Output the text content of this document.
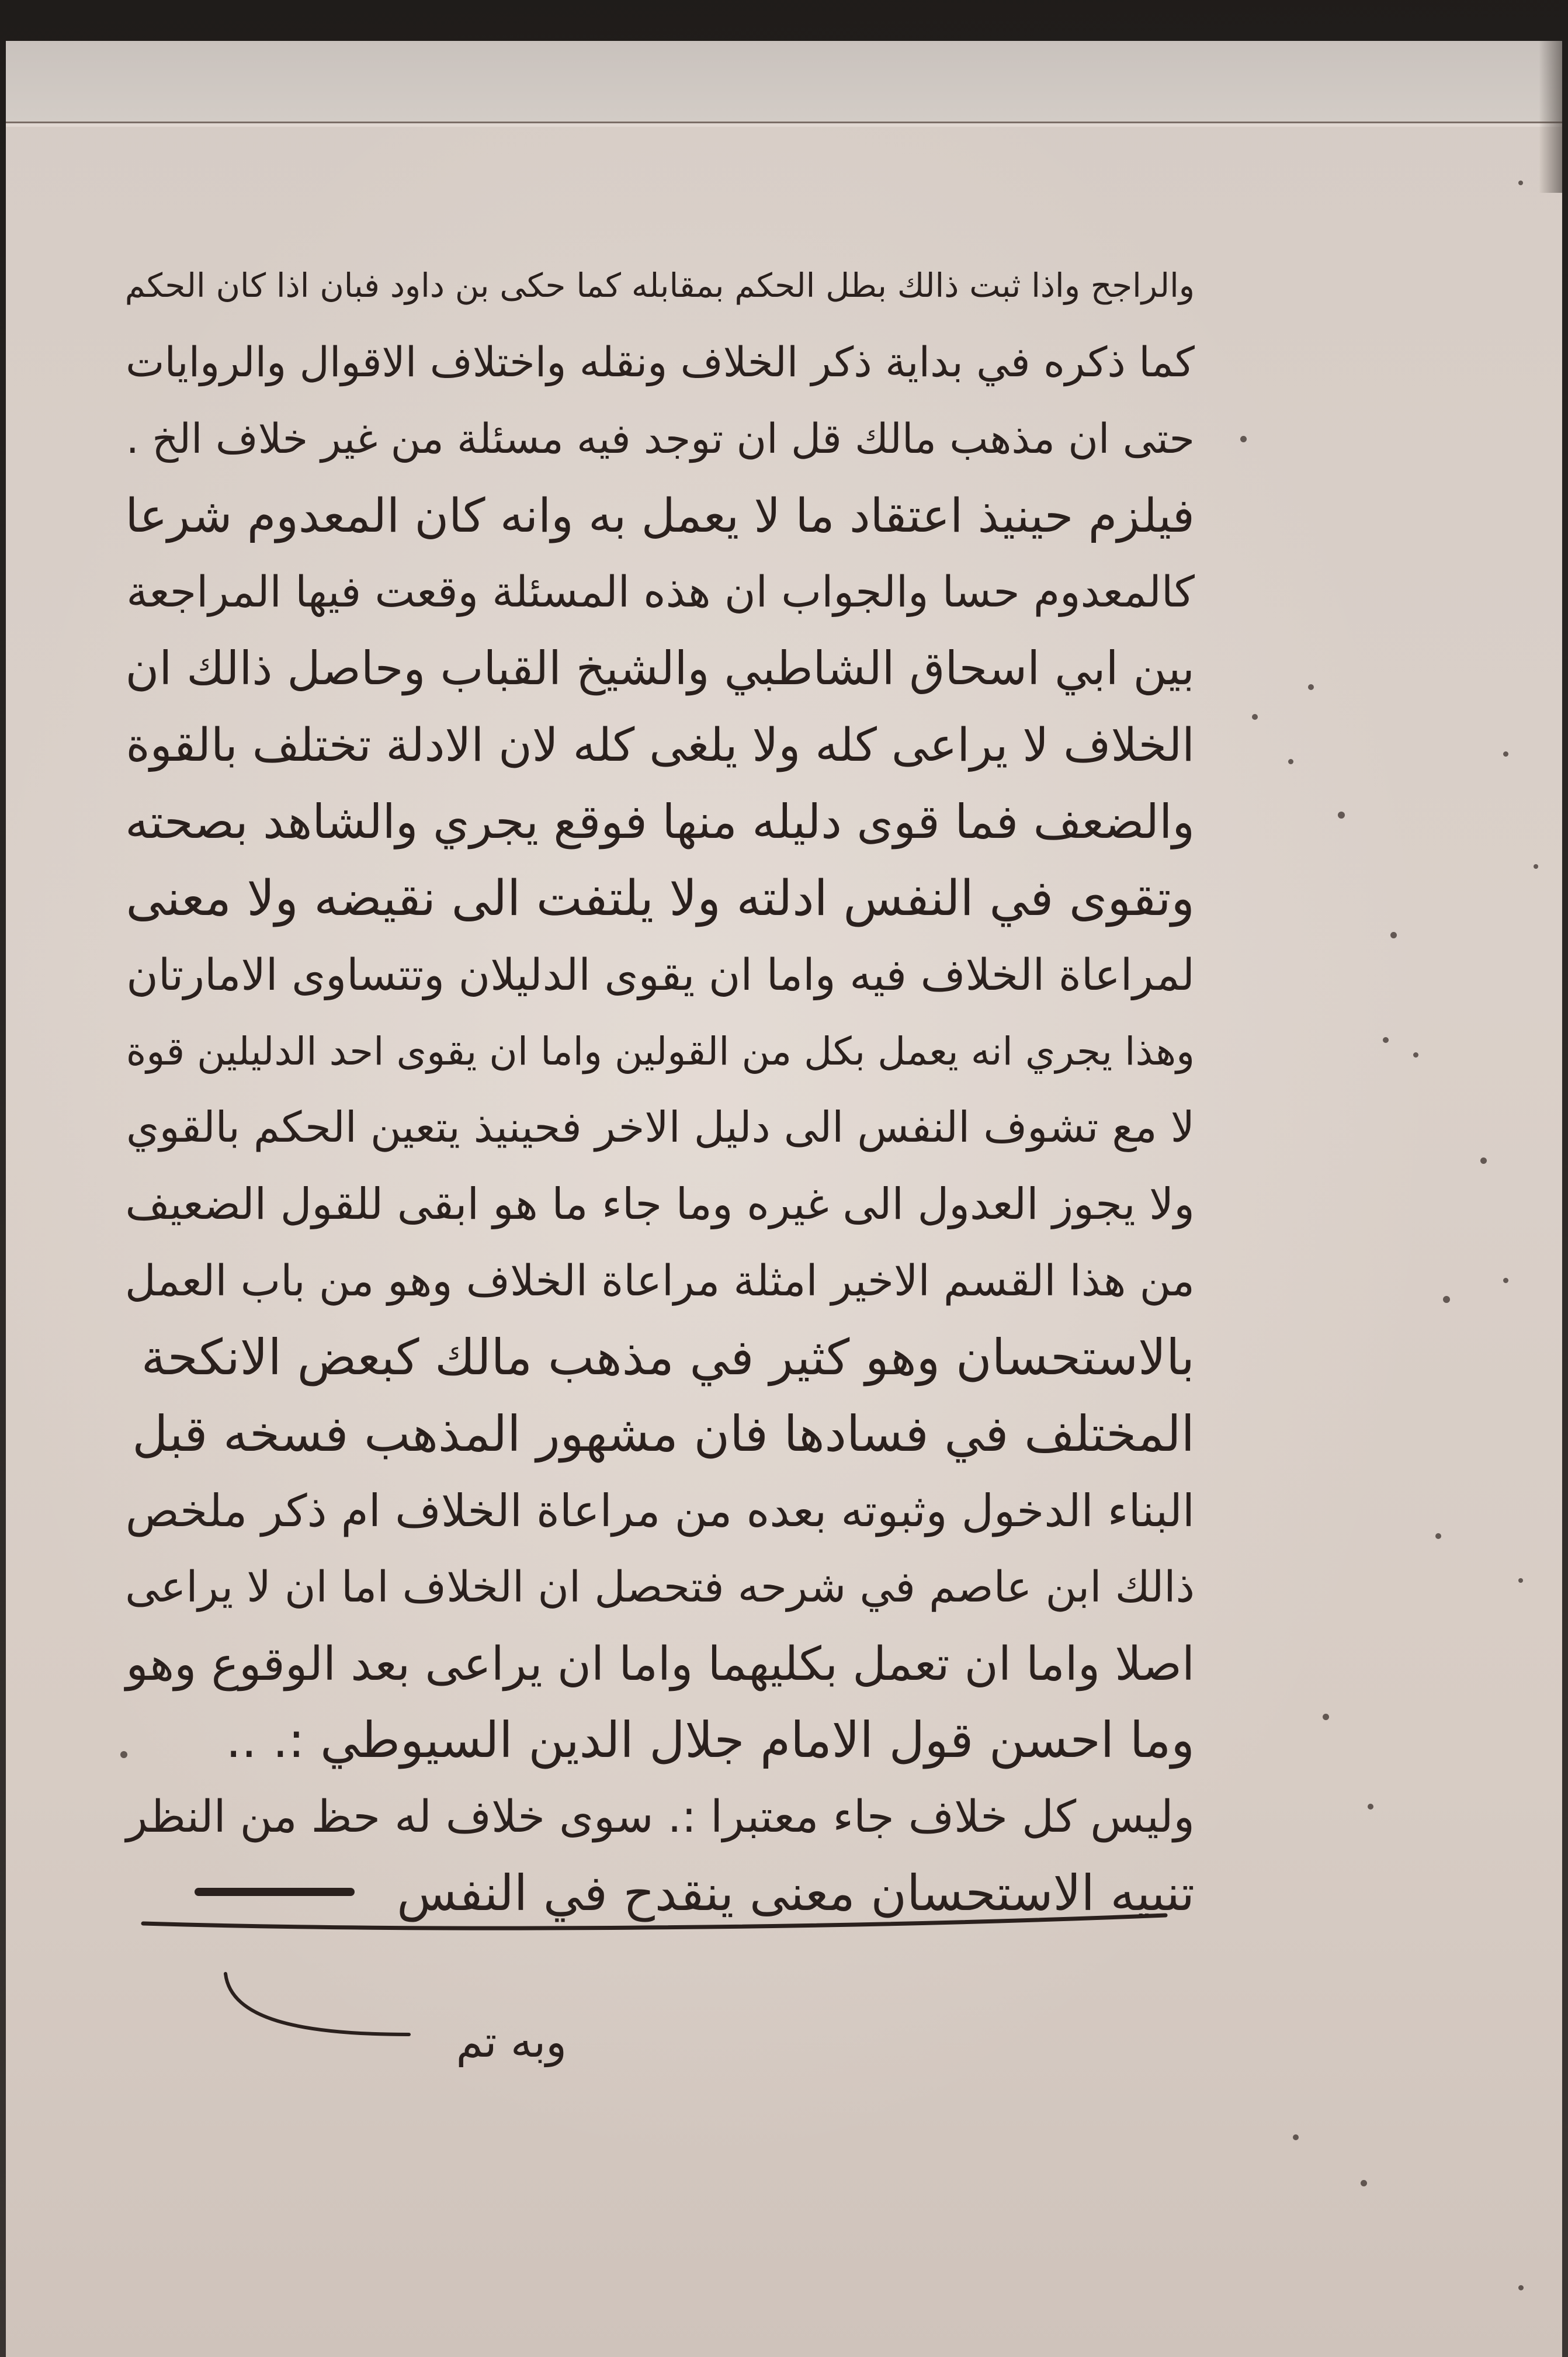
والراجح واذا ثبت ذالك بطل الحكم بمقابله كما حكى بن داود فبان اذا كان الحكم
كما ذكره في بداية ذكر الخلاف ونقله واختلاف الاقوال والروايات
حتى ان مذهب مالك قل ان توجد فيه مسئلة من غير خلاف الخ .
فيلزم حينيذ اعتقاد ما لا يعمل به وانه كان المعدوم شرعا
كالمعدوم حسا والجواب ان هذه المسئلة وقعت فيها المراجعة
بين ابي اسحاق الشاطبي والشيخ القباب وحاصل ذالك ان
الخلاف لا يراعى كله ولا يلغى كله لان الادلة تختلف بالقوة
والضعف فما قوى دليله منها فوقع يجري والشاهد بصحته
وتقوى في النفس ادلته ولا يلتفت الى نقيضه ولا معنى
لمراعاة الخلاف فيه واما ان يقوى الدليلان وتتساوى الامارتان
وهذا يجري انه يعمل بكل من القولين واما ان يقوى احد الدليلين قوة
لا مع تشوف النفس الى دليل الاخر فحينيذ يتعين الحكم بالقوي
ولا يجوز العدول الى غيره وما جاء ما هو ابقى للقول الضعيف
من هذا القسم الاخير امثلة مراعاة الخلاف وهو من باب العمل
بالاستحسان وهو كثير في مذهب مالك كبعض الانكحة
المختلف في فسادها فان مشهور المذهب فسخه قبل
البناء الدخول وثبوته بعده من مراعاة الخلاف ام ذكر ملخص
ذالك ابن عاصم في شرحه فتحصل ان الخلاف اما ان لا يراعى
اصلا واما ان تعمل بكليهما واما ان يراعى بعد الوقوع وهو
وما احسن قول الامام جلال الدين السيوطي :. ..
وليس كل خلاف جاء معتبرا :. سوى خلاف له حظ من النظر
تنبيه الاستحسان معنى ينقدح في النفس
وبه تم
